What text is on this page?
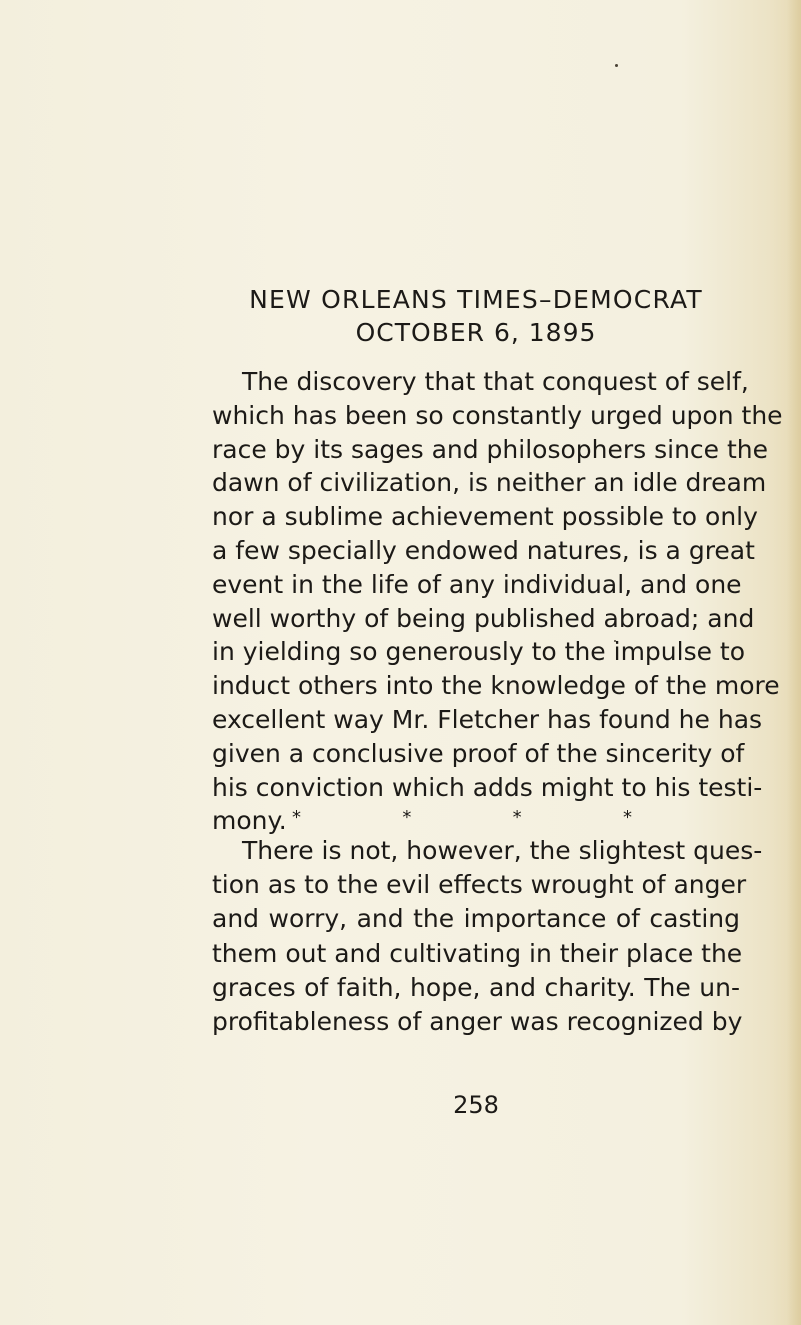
NEW ORLEANS TIMES–DEMOCRAT
OCTOBER 6, 1895
The discovery that that conquest of self,
which has been so constantly urged upon the
race by its sages and philosophers since the
dawn of civilization, is neither an idle dream
nor a sublime achievement possible to only
a few specially endowed natures, is a great
event in the life of any individual, and one
well worthy of being published abroad; and
in yielding so generously to the impulse to
induct others into the knowledge of the more
excellent way Mr. Fletcher has found he has
given a conclusive proof of the sincerity of
his conviction which adds might to his testi-
mony. *	*	*	*
There is not, however, the slightest ques-
tion as to the evil effects wrought of anger
and worry, and the importance of casting
them out and cultivating in their place the
graces of faith, hope, and charity. The un-
profitableness of anger was recognized by
258
